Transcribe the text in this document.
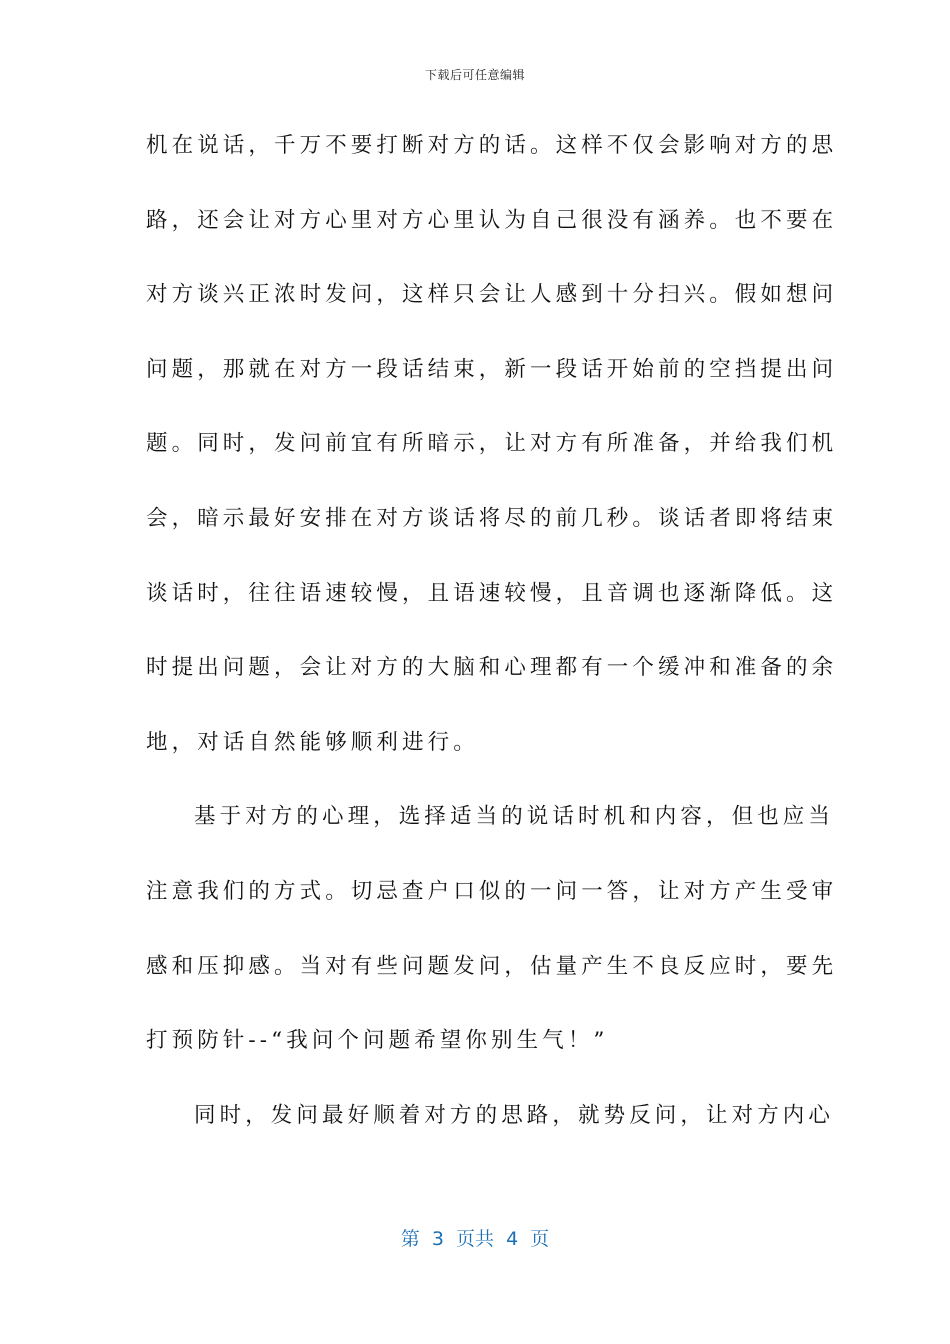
下载后可任意编辑
机在说话，千万不要打断对方的话。这样不仅会影响对方的思
路，还会让对方心里对方心里认为自己很没有涵养。也不要在
对方谈兴正浓时发问，这样只会让人感到十分扫兴。假如想问
问题，那就在对方一段话结束，新一段话开始前的空挡提出问
题。同时，发问前宜有所暗示，让对方有所准备，并给我们机
会，暗示最好安排在对方谈话将尽的前几秒。谈话者即将结束
谈话时，往往语速较慢，且语速较慢，且音调也逐渐降低。这
时提出问题，会让对方的大脑和心理都有一个缓冲和准备的余
地，对话自然能够顺利进行。
基于对方的心理，选择适当的说话时机和内容，但也应当
注意我们的方式。切忌查户口似的一问一答，让对方产生受审
感和压抑感。当对有些问题发问，估量产生不良反应时，要先
打预防针--“我问个问题希望你别生气！”
同时，发问最好顺着对方的思路，就势反问，让对方内心
第  3  页共  4  页
